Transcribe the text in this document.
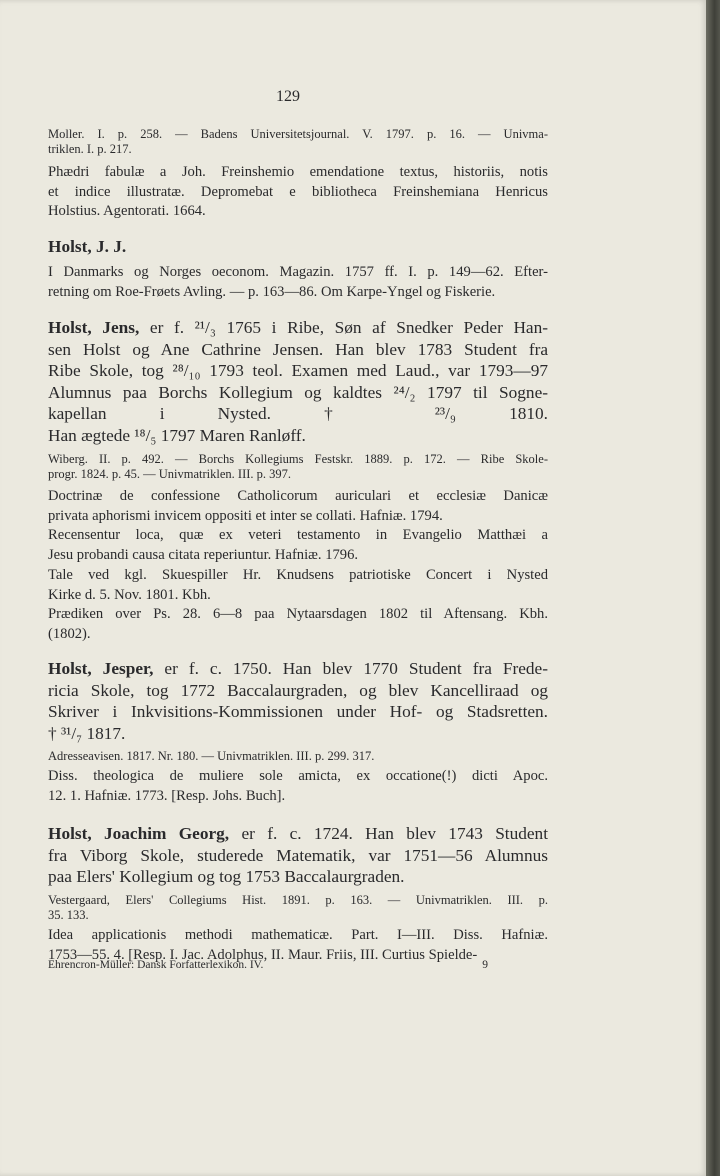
129
Moller. I. p. 258. — Badens Universitetsjournal. V. 1797. p. 16. — Univma-
triklen. I. p. 217.
Phædri fabulæ a Joh. Freinshemio emendatione textus, historiis, notis
et indice illustratæ. Depromebat e bibliotheca Freinshemiana Henricus
Holstius. Agentorati. 1664.
Holst, J. J.
I Danmarks og Norges oeconom. Magazin. 1757 ff. I. p. 149—62. Efter-
retning om Roe-Frøets Avling. — p. 163—86. Om Karpe-Yngel og Fiskerie.
Holst, Jens, er f. ²¹/₃ 1765 i Ribe, Søn af Snedker Peder Han-
sen Holst og Ane Cathrine Jensen. Han blev 1783 Student fra
Ribe Skole, tog ²⁸/₁₀ 1793 teol. Examen med Laud., var 1793—97
Alumnus paa Borchs Kollegium og kaldtes ²⁴/₂ 1797 til Sogne-
kapellan i Nysted. † ²³/₉ 1810.
Han ægtede ¹⁸/₅ 1797 Maren Ranløff.
Wiberg. II. p. 492. — Borchs Kollegiums Festskr. 1889. p. 172. — Ribe Skole-
progr. 1824. p. 45. — Univmatriklen. III. p. 397.
Doctrinæ de confessione Catholicorum auriculari et ecclesiæ Danicæ
privata aphorismi invicem oppositi et inter se collati. Hafniæ. 1794.
Recensentur loca, quæ ex veteri testamento in Evangelio Matthæi a
Jesu probandi causa citata reperiuntur. Hafniæ. 1796.
Tale ved kgl. Skuespiller Hr. Knudsens patriotiske Concert i Nysted
Kirke d. 5. Nov. 1801. Kbh.
Prædiken over Ps. 28. 6—8 paa Nytaarsdagen 1802 til Aftensang. Kbh.
(1802).
Holst, Jesper, er f. c. 1750. Han blev 1770 Student fra Frede-
ricia Skole, tog 1772 Baccalaurgraden, og blev Kancelliraad og
Skriver i Inkvisitions-Kommissionen under Hof- og Stadsretten.
† ³¹/₇ 1817.
Adresseavisen. 1817. Nr. 180. — Univmatriklen. III. p. 299. 317.
Diss. theologica de muliere sole amicta, ex occatione(!) dicti Apoc.
12. 1. Hafniæ. 1773. [Resp. Johs. Buch].
Holst, Joachim Georg, er f. c. 1724. Han blev 1743 Student
fra Viborg Skole, studerede Matematik, var 1751—56 Alumnus
paa Elers' Kollegium og tog 1753 Baccalaurgraden.
Vestergaard, Elers' Collegiums Hist. 1891. p. 163. — Univmatriklen. III. p.
35. 133.
Idea applicationis methodi mathematicæ. Part. I—III. Diss. Hafniæ.
1753—55. 4. [Resp. I. Jac. Adolphus, II. Maur. Friis, III. Curtius Spielde-
Ehrencron-Müller: Dansk Forfatterlexikon. IV.	9
